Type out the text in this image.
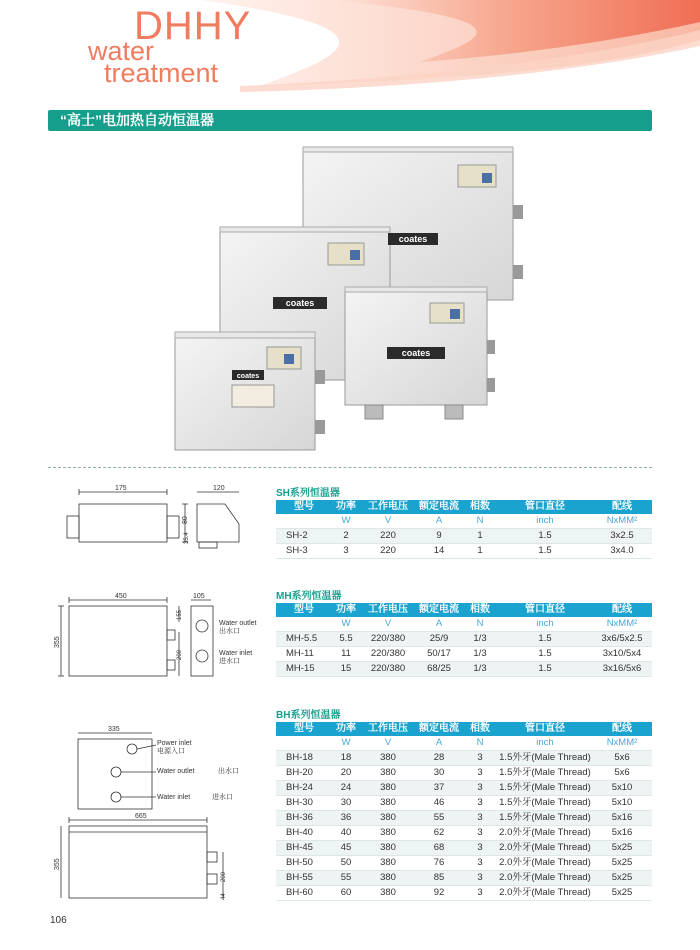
DHHY
water
treatment
“高士”电加热自动恒温器
coates
coates
coates
coates
175	120
80
35.4
SH系列恒温器
型号	功率	工作电压	额定电流	相数	管口直径	配线
	W	V	A	N	inch	NxMM²
SH-2	2	220	9	1	1.5	3x2.5
SH-3	3	220	14	1	1.5	3x4.0
450
355
155
200
105
Water outlet
出水口
Water inlet
进水口
MH系列恒温器
型号	功率	工作电压	额定电流	相数	管口直径	配线
	W	V	A	N	inch	NxMM²
MH-5.5	5.5	220/380	25/9	1/3	1.5	3x6/5x2.5
MH-11	11	220/380	50/17	1/3	1.5	3x10/5x4
MH-15	15	220/380	68/25	1/3	1.5	3x16/5x6
335
Power inlet
电源入口
Water outlet	出水口
Water inlet	进水口
665
355
200
44
BH系列恒温器
型号	功率	工作电压	额定电流	相数	管口直径	配线
	W	V	A	N	inch	NxMM²
BH-18	18	380	28	3	1.5外牙(Male Thread)	5x6
BH-20	20	380	30	3	1.5外牙(Male Thread)	5x6
BH-24	24	380	37	3	1.5外牙(Male Thread)	5x10
BH-30	30	380	46	3	1.5外牙(Male Thread)	5x10
BH-36	36	380	55	3	1.5外牙(Male Thread)	5x16
BH-40	40	380	62	3	2.0外牙(Male Thread)	5x16
BH-45	45	380	68	3	2.0外牙(Male Thread)	5x25
BH-50	50	380	76	3	2.0外牙(Male Thread)	5x25
BH-55	55	380	85	3	2.0外牙(Male Thread)	5x25
BH-60	60	380	92	3	2.0外牙(Male Thread)	5x25
106
